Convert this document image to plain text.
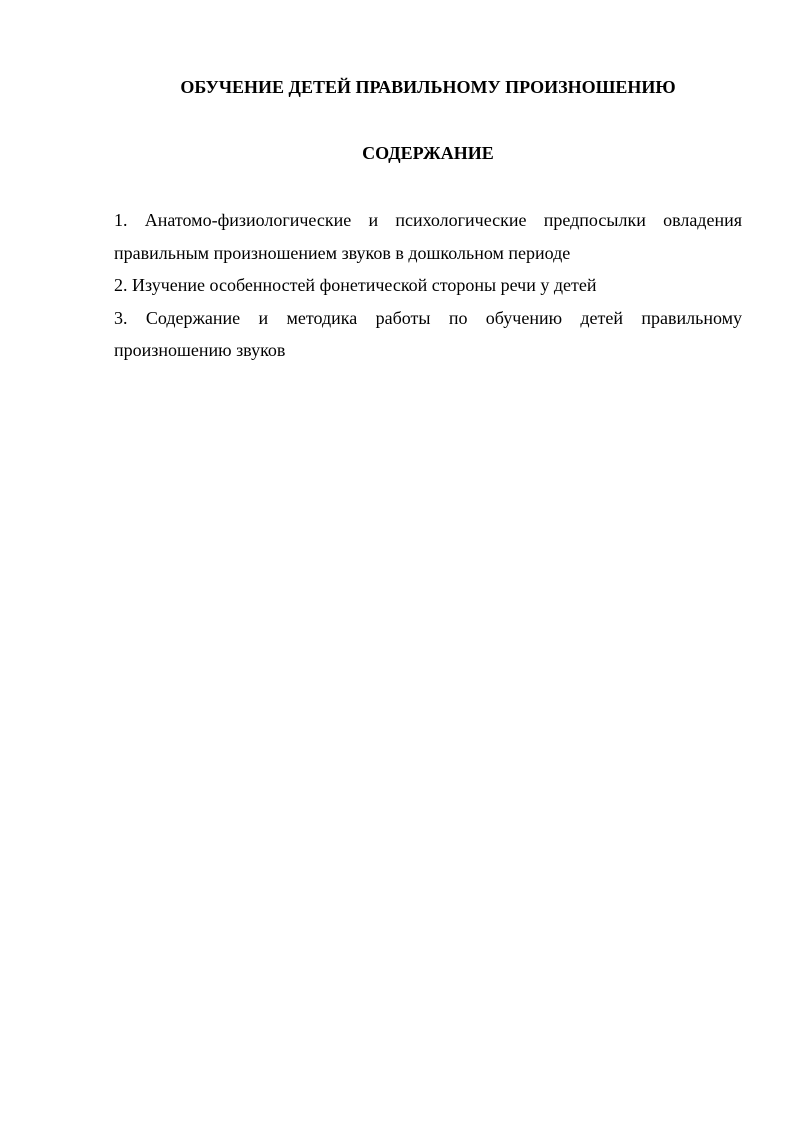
ОБУЧЕНИЕ ДЕТЕЙ ПРАВИЛЬНОМУ ПРОИЗНОШЕНИЮ
СОДЕРЖАНИЕ
1. Анатомо-физиологические и психологические предпосылки овладения правильным произношением звуков в дошкольном периоде
2. Изучение особенностей фонетической стороны речи у детей
3. Содержание и методика работы по обучению детей правильному произношению звуков
